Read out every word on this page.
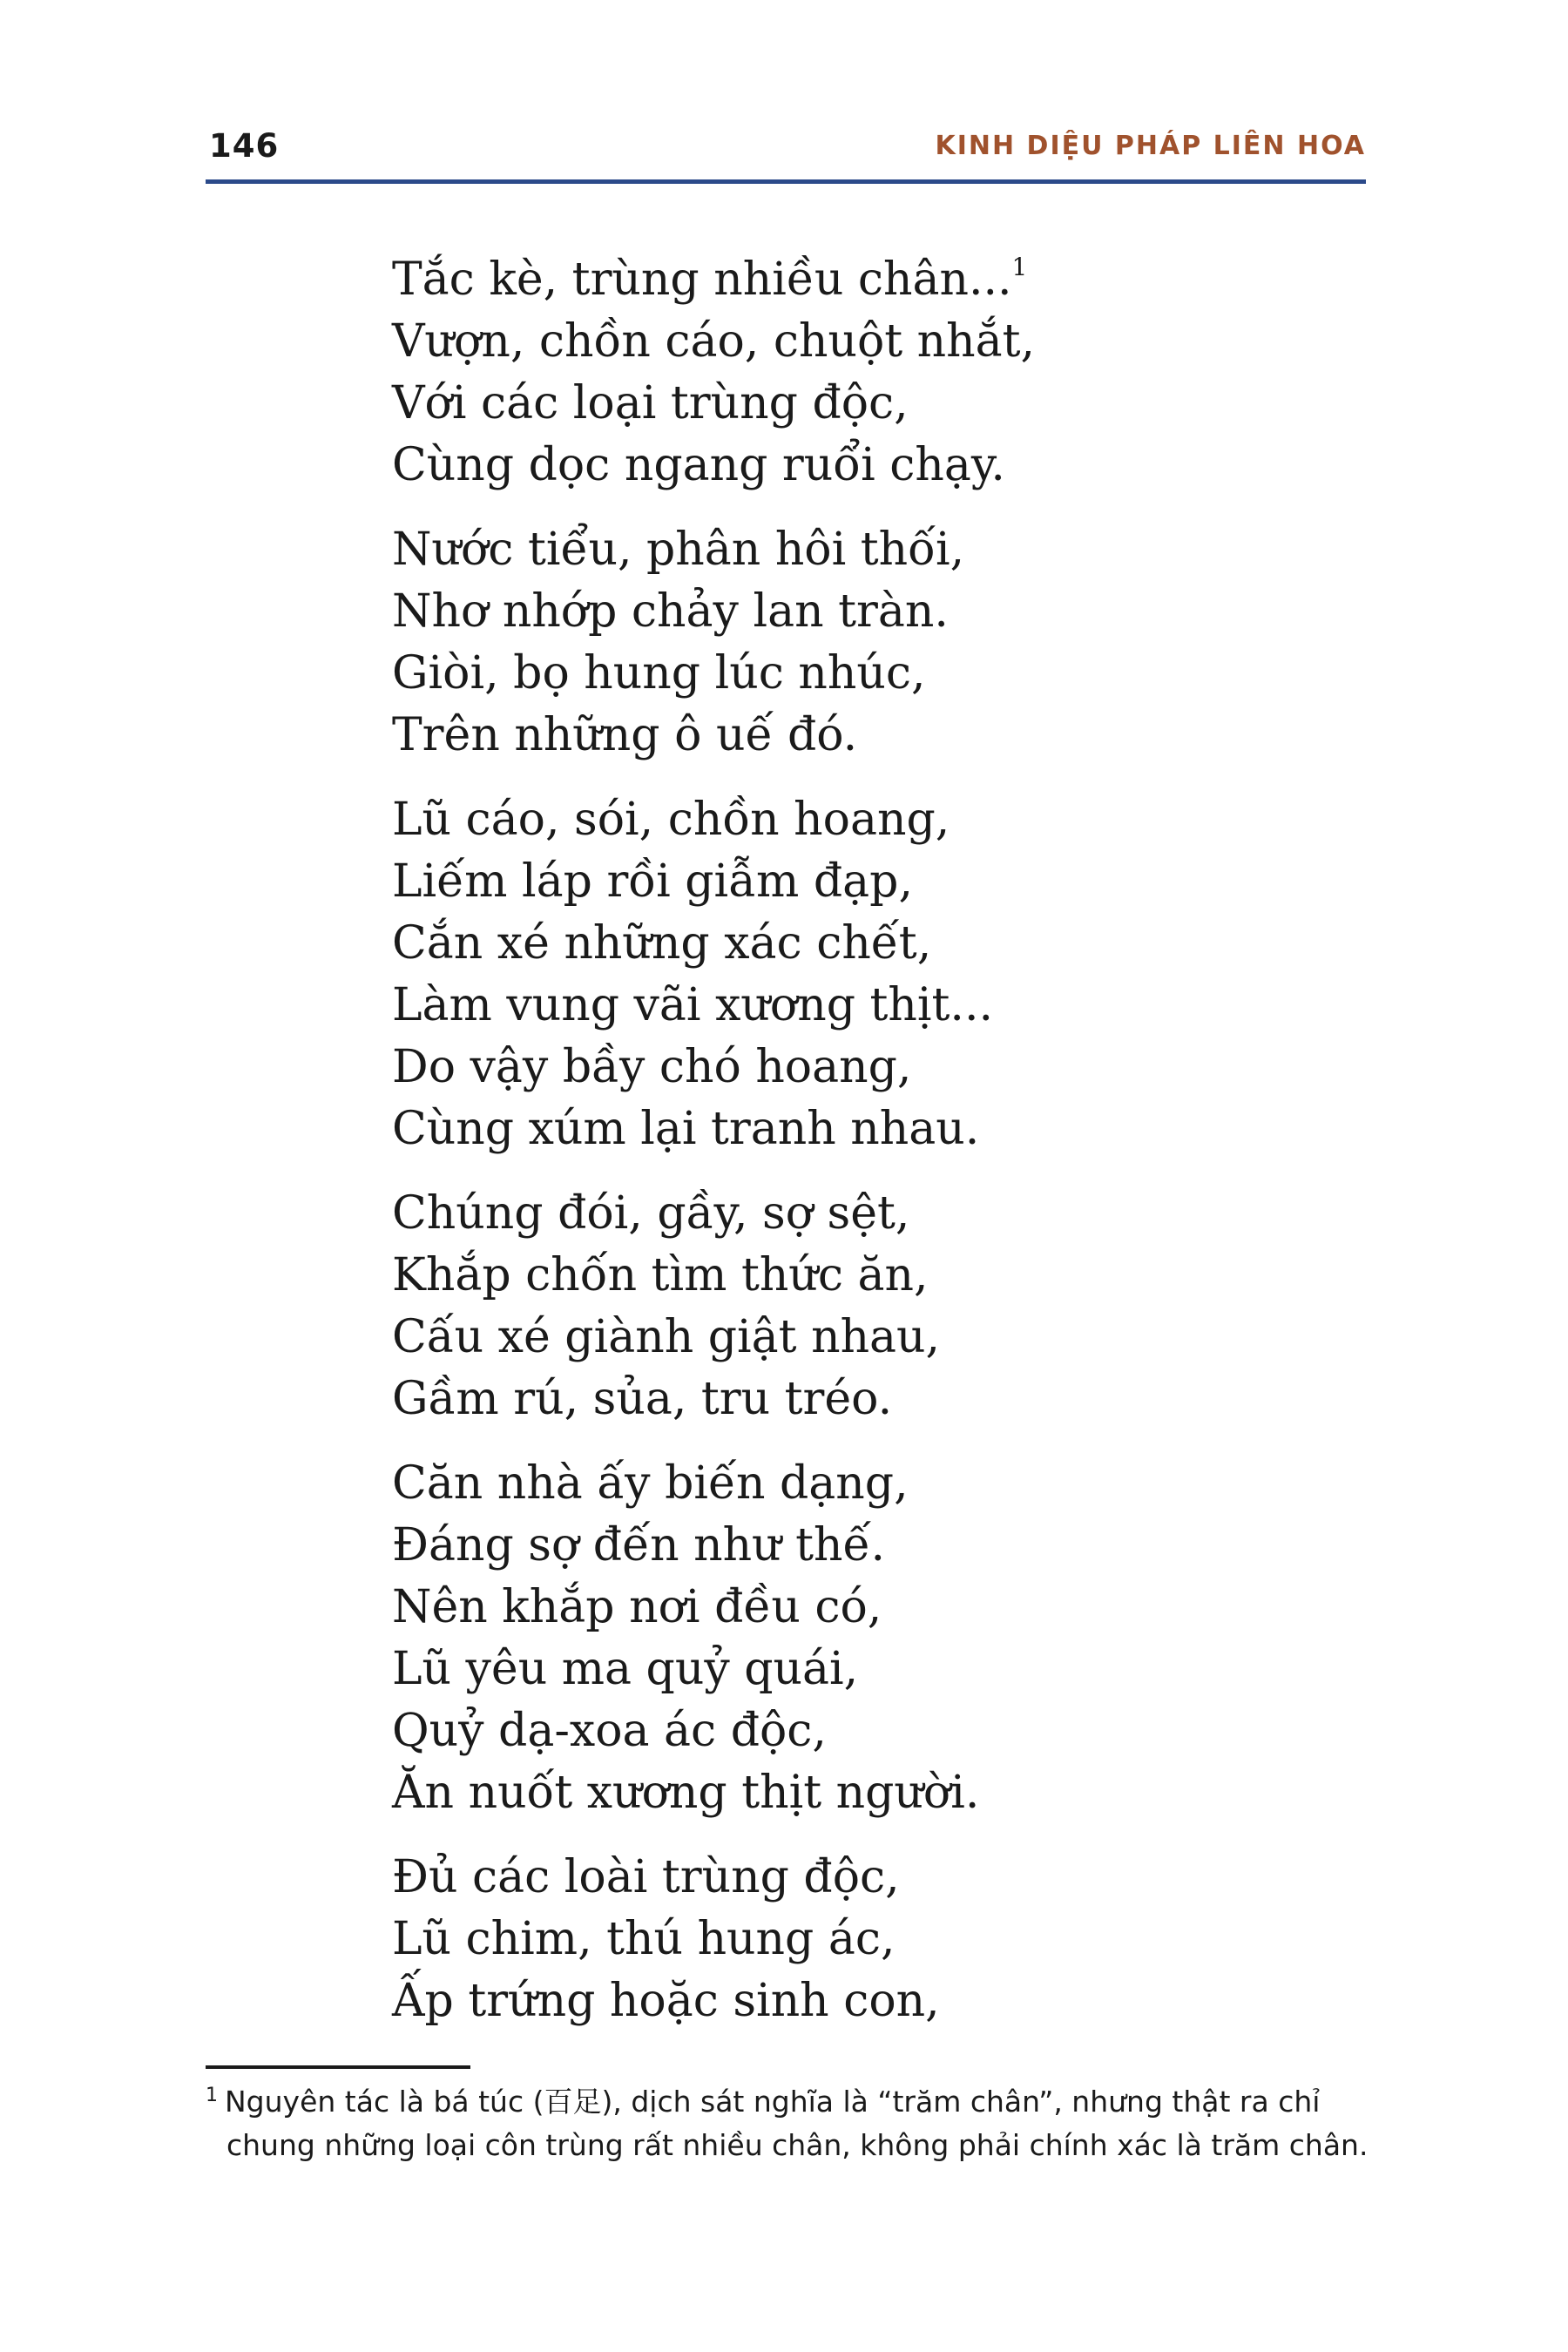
146	KINH DIỆU PHÁP LIÊN HOA
Tắc kè, trùng nhiều chân...$^1$
Vượn, chồn cáo, chuột nhắt,
Với các loại trùng độc,
Cùng dọc ngang ruổi chạy.
Nước tiểu, phân hôi thối,
Nhơ nhớp chảy lan tràn.
Giòi, bọ hung lúc nhúc,
Trên những ô uế đó.
Lũ cáo, sói, chồn hoang,
Liếm láp rồi giẫm đạp,
Cắn xé những xác chết,
Làm vung vãi xương thịt...
Do vậy bầy chó hoang,
Cùng xúm lại tranh nhau.
Chúng đói, gầy, sợ sệt,
Khắp chốn tìm thức ăn,
Cấu xé giành giật nhau,
Gầm rú, sủa, tru tréo.
Căn nhà ấy biến dạng,
Đáng sợ đến như thế.
Nên khắp nơi đều có,
Lũ yêu ma quỷ quái,
Quỷ dạ-xoa ác độc,
Ăn nuốt xương thịt người.
Đủ các loài trùng độc,
Lũ chim, thú hung ác,
Ấp trứng hoặc sinh con,
$^1$ Nguyên tác là bá túc (百足), dịch sát nghĩa là “trăm chân”, nhưng thật ra chỉ
chung những loại côn trùng rất nhiều chân, không phải chính xác là trăm chân.
